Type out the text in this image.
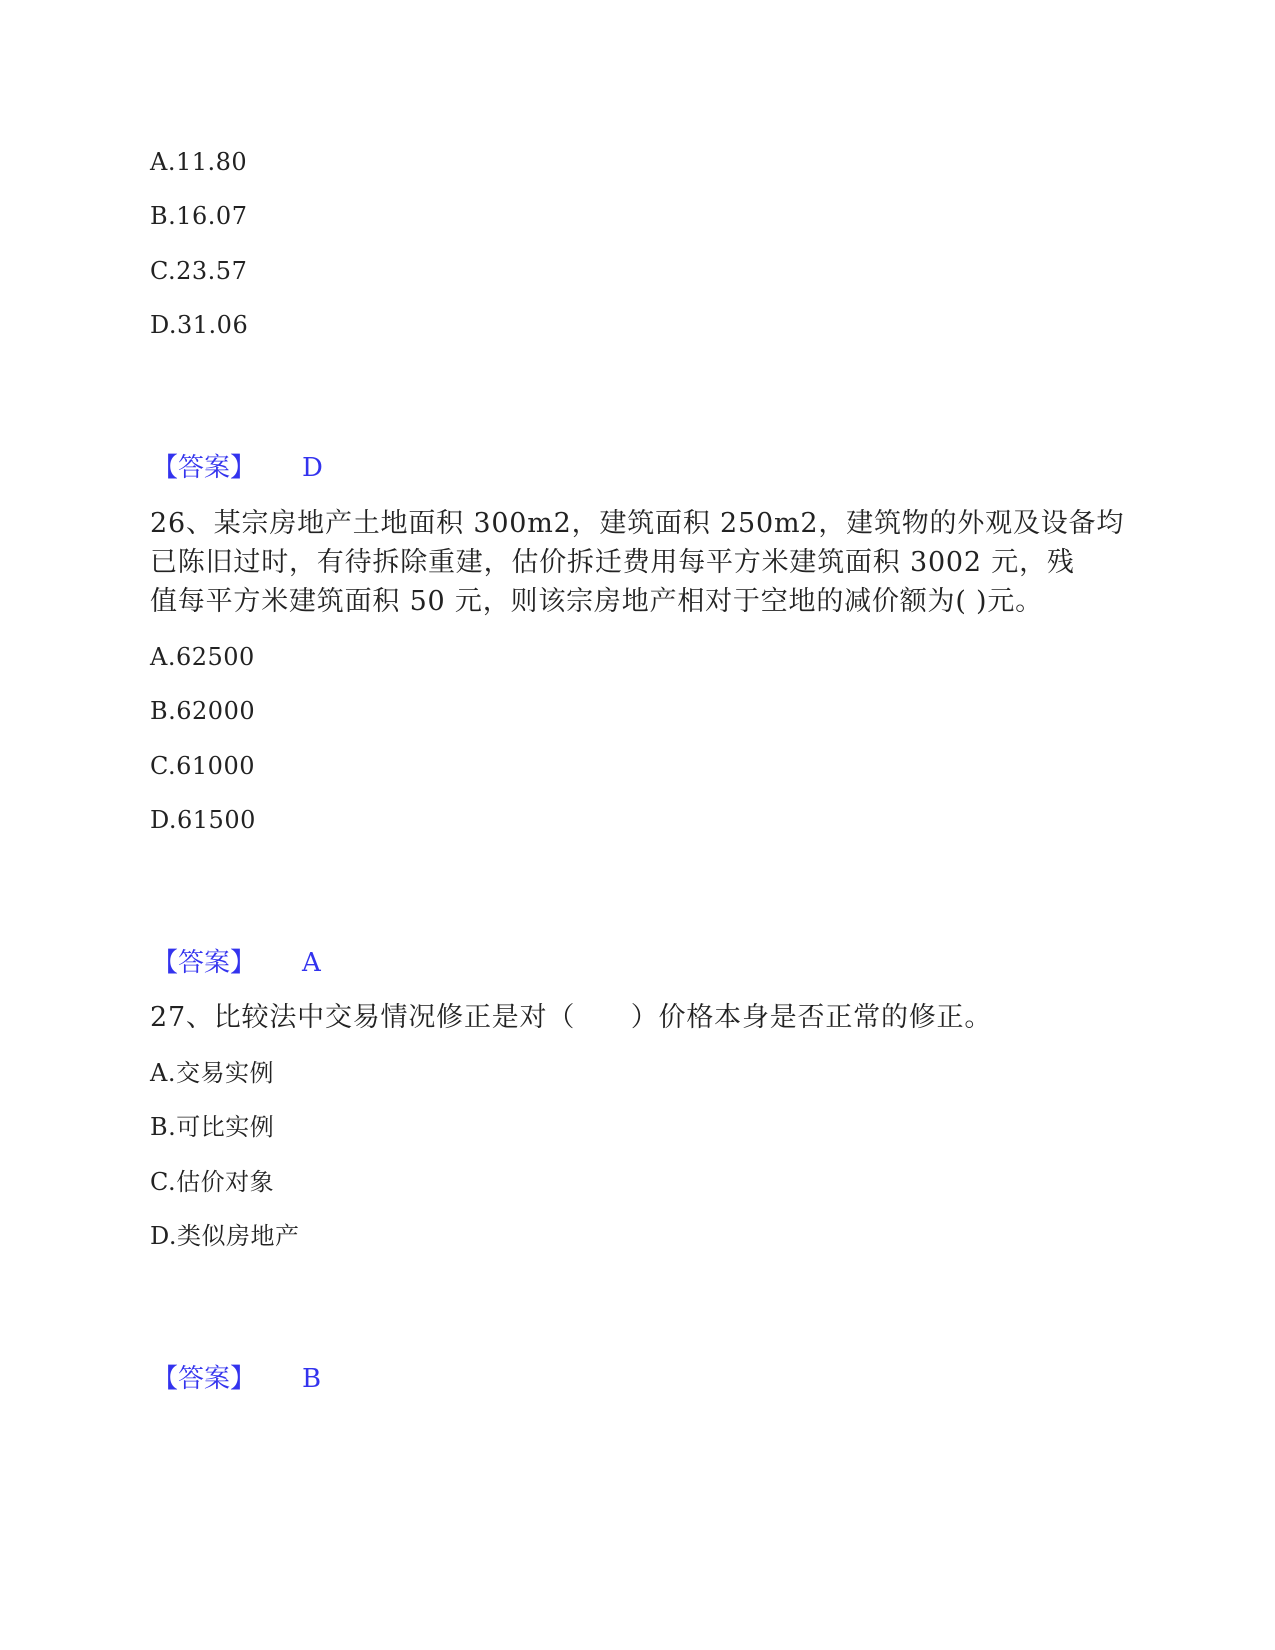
A.11.80
B.16.07
C.23.57
D.31.06
【答案】 D
26、某宗房地产土地面积 300m2，建筑面积 250m2，建筑物的外观及设备均
已陈旧过时，有待拆除重建，估价拆迁费用每平方米建筑面积 3002 元，残
值每平方米建筑面积 50 元，则该宗房地产相对于空地的减价额为( )元。
A.62500
B.62000
C.61000
D.61500
【答案】 A
27、比较法中交易情况修正是对（　　）价格本身是否正常的修正。
A.交易实例
B.可比实例
C.估价对象
D.类似房地产
【答案】 B
